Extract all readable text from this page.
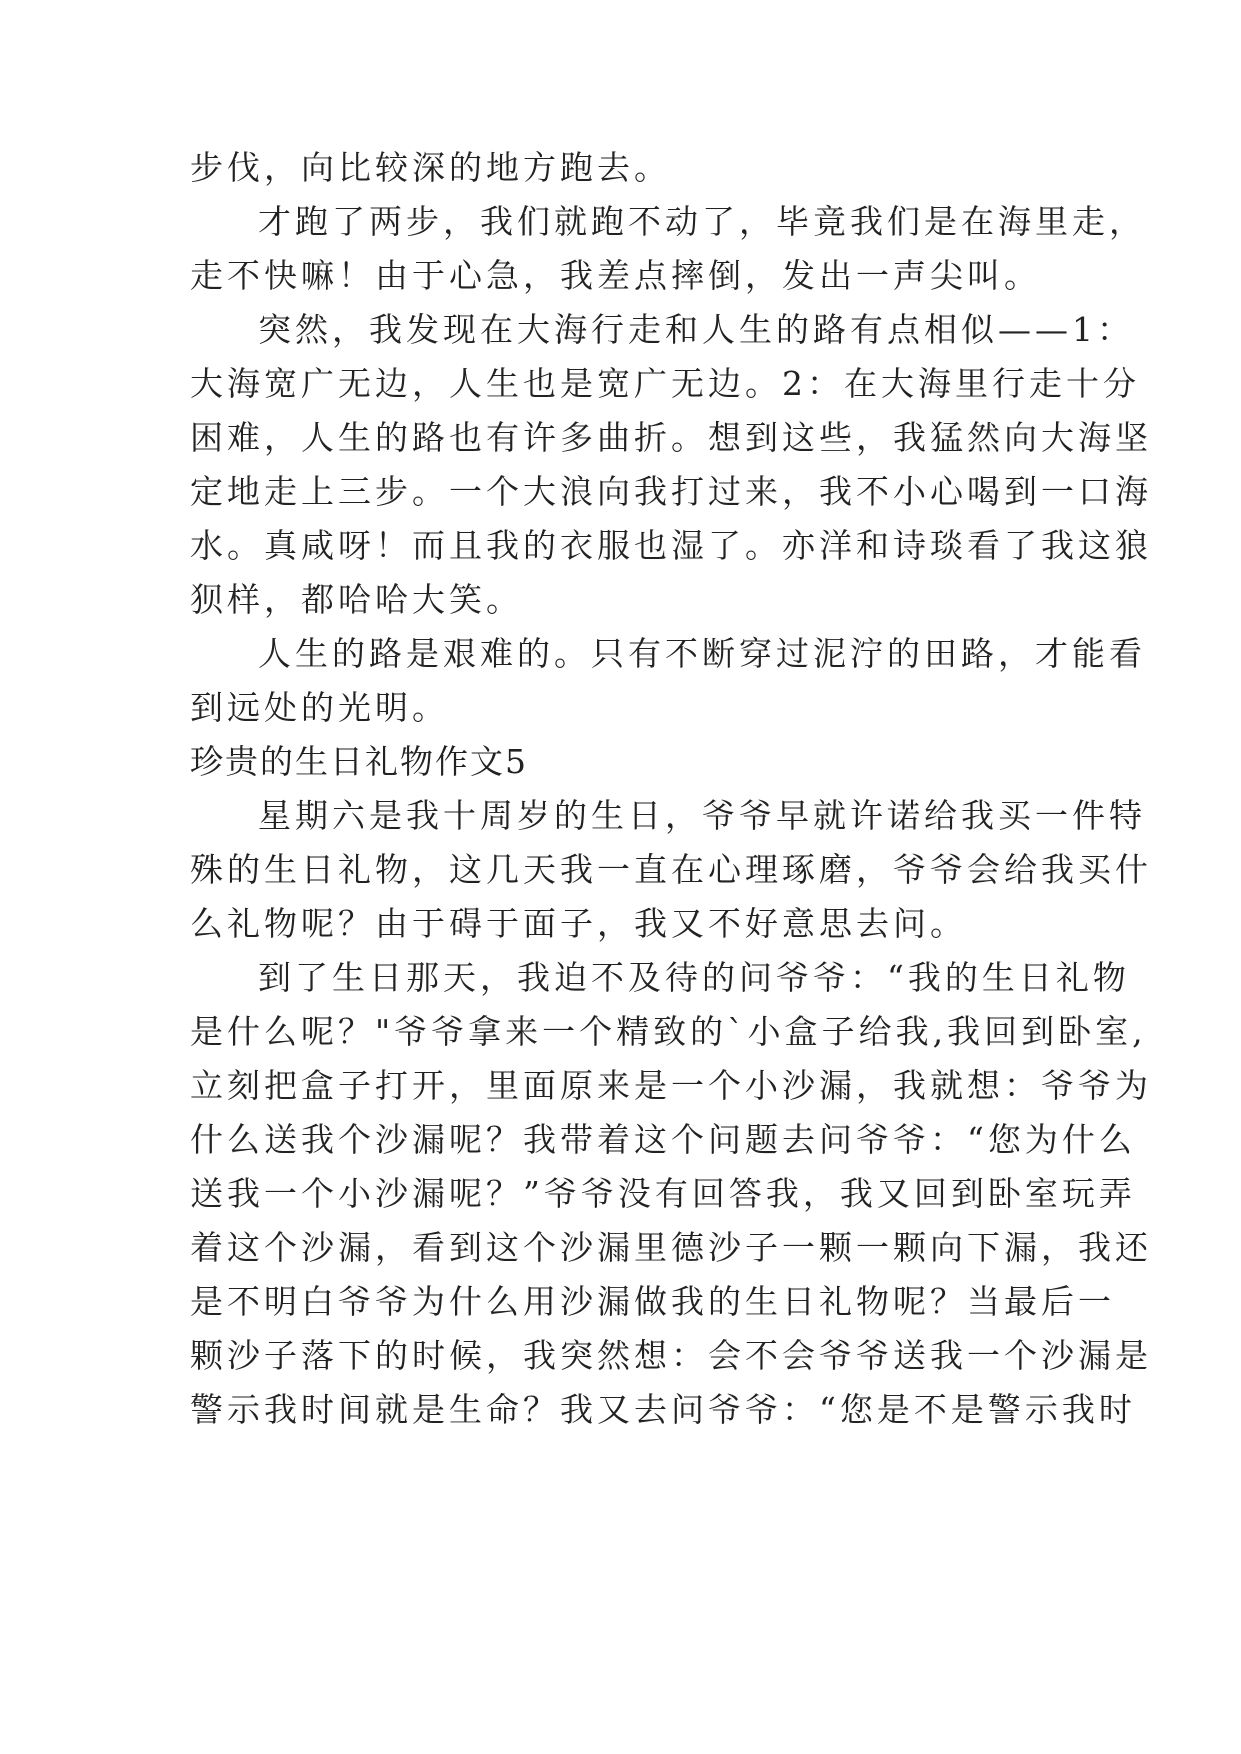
步伐，向比较深的地方跑去。
才跑了两步，我们就跑不动了，毕竟我们是在海里走，
走不快嘛！由于心急，我差点摔倒，发出一声尖叫。
突然，我发现在大海行走和人生的路有点相似——1：
大海宽广无边，人生也是宽广无边。2：在大海里行走十分
困难，人生的路也有许多曲折。想到这些，我猛然向大海坚
定地走上三步。一个大浪向我打过来，我不小心喝到一口海
水。真咸呀！而且我的衣服也湿了。亦洋和诗琰看了我这狼
狈样，都哈哈大笑。
人生的路是艰难的。只有不断穿过泥泞的田路，才能看
到远处的光明。
珍贵的生日礼物作文5
星期六是我十周岁的生日，爷爷早就许诺给我买一件特
殊的生日礼物，这几天我一直在心理琢磨，爷爷会给我买什
么礼物呢？由于碍于面子，我又不好意思去问。
到了生日那天，我迫不及待的问爷爷：“我的生日礼物
是什么呢？"爷爷拿来一个精致的`小盒子给我,我回到卧室,
立刻把盒子打开，里面原来是一个小沙漏，我就想：爷爷为
什么送我个沙漏呢？我带着这个问题去问爷爷：“您为什么
送我一个小沙漏呢？”爷爷没有回答我，我又回到卧室玩弄
着这个沙漏，看到这个沙漏里德沙子一颗一颗向下漏，我还
是不明白爷爷为什么用沙漏做我的生日礼物呢？当最后一
颗沙子落下的时候，我突然想：会不会爷爷送我一个沙漏是
警示我时间就是生命？我又去问爷爷：“您是不是警示我时
